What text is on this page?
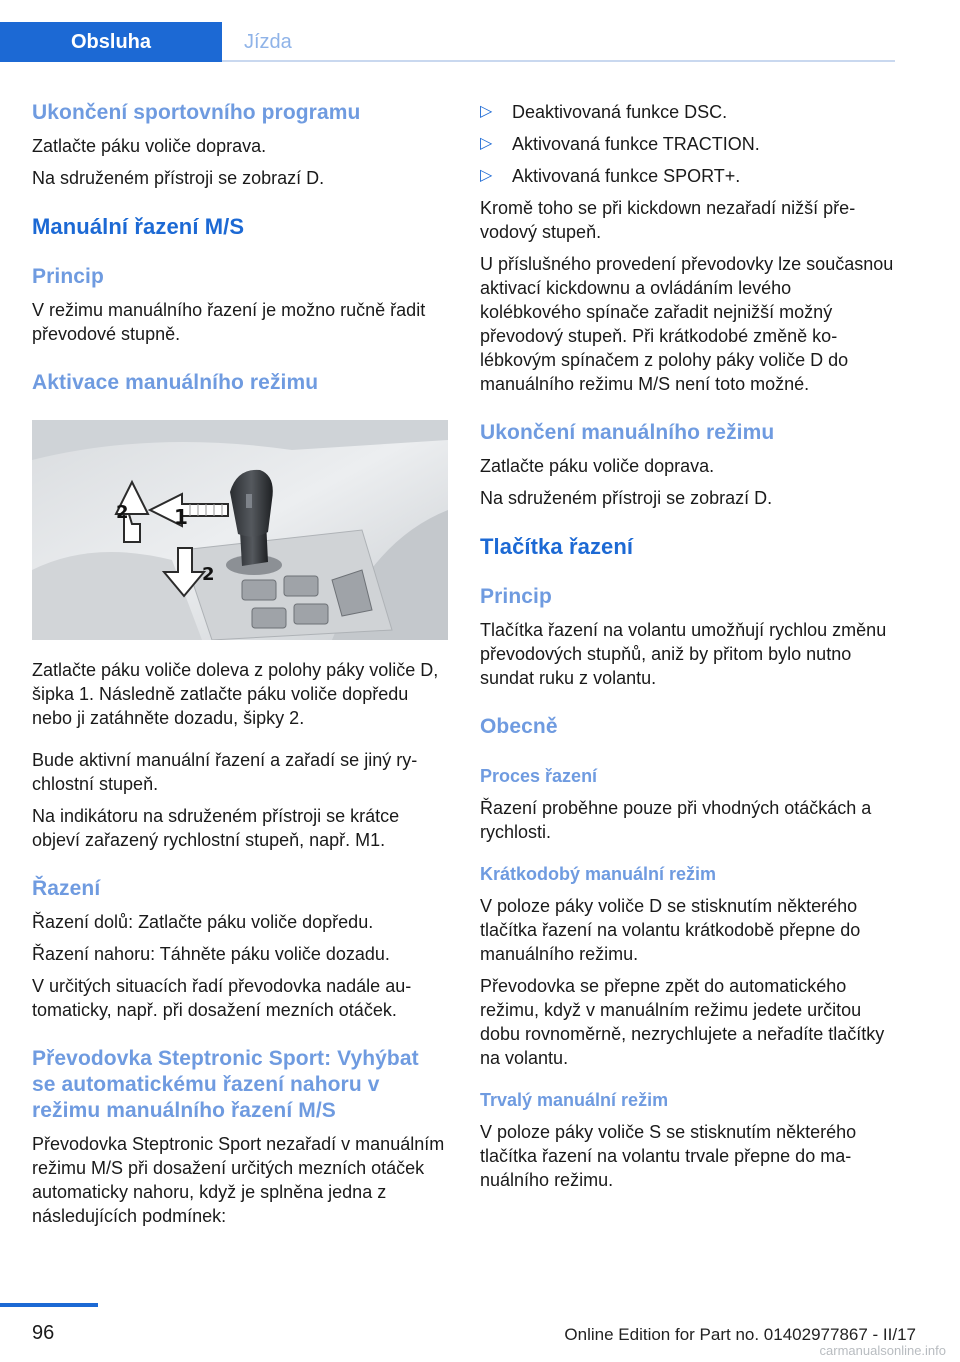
Obsluha	Jízda
Ukončení sportovního programu

Zatlačte páku voliče doprava.

Na sdruženém přístroji se zobrazí D.

Manuální řazení M/S
Princip

V režimu manuálního řazení je možno ručně řadit převodové stupně.

Aktivace manuálního režimu
1
2
2

Zatlačte páku voliče doleva z polohy páky voliče D, šipka 1. Následně zatlačte páku voliče dopředu nebo ji zatáhněte dozadu, šipky 2.

Bude aktivní manuální řazení a zařadí se jiný rychlostní stupeň.

Na indikátoru na sdruženém přístroji se krátce objeví zařazený rychlostní stupeň, např. M1.

Řazení

Řazení dolů: Zatlačte páku voliče dopředu.

Řazení nahoru: Táhněte páku voliče dozadu.

V určitých situacích řadí převodovka nadále automaticky, např. při dosažení mezních otáček.

Převodovka Steptronic Sport: Vyhýbat se automatickému řazení nahoru v režimu manuálního řazení M/S

Převodovka Steptronic Sport nezařadí v manuálním režimu M/S při dosažení určitých mezních otáček automaticky nahoru, když je splněna jedna z následujících podmínek:

▷	Deaktivovaná funkce DSC.
▷	Aktivovaná funkce TRACTION.
▷	Aktivovaná funkce SPORT+.

Kromě toho se při kickdown nezařadí nižší převodový stupeň.

U příslušného provedení převodovky lze současnou aktivací kickdownu a ovládáním levého kolébkového spínače zařadit nejnižší možný převodový stupeň. Při krátkodobé změně kolébkovým spínačem z polohy páky voliče D do manuálního režimu M/S není toto možné.

Ukončení manuálního režimu

Zatlačte páku voliče doprava.

Na sdruženém přístroji se zobrazí D.

Tlačítka řazení
Princip

Tlačítka řazení na volantu umožňují rychlou změnu převodových stupňů, aniž by přitom bylo nutno sundat ruku z volantu.

Obecně
Proces řazení

Řazení proběhne pouze při vhodných otáčkách a rychlosti.

Krátkodobý manuální režim

V poloze páky voliče D se stisknutím některého tlačítka řazení na volantu krátkodobě přepne do manuálního režimu.

Převodovka se přepne zpět do automatického režimu, když v manuálním režimu jedete určitou dobu rovnoměrně, nezrychlujete a neřadíte tlačítky na volantu.

Trvalý manuální režim

V poloze páky voliče S se stisknutím některého tlačítka řazení na volantu trvale přepne do manuálního režimu.

96	Online Edition for Part no. 01402977867 - II/17
carmanualsonline.info
